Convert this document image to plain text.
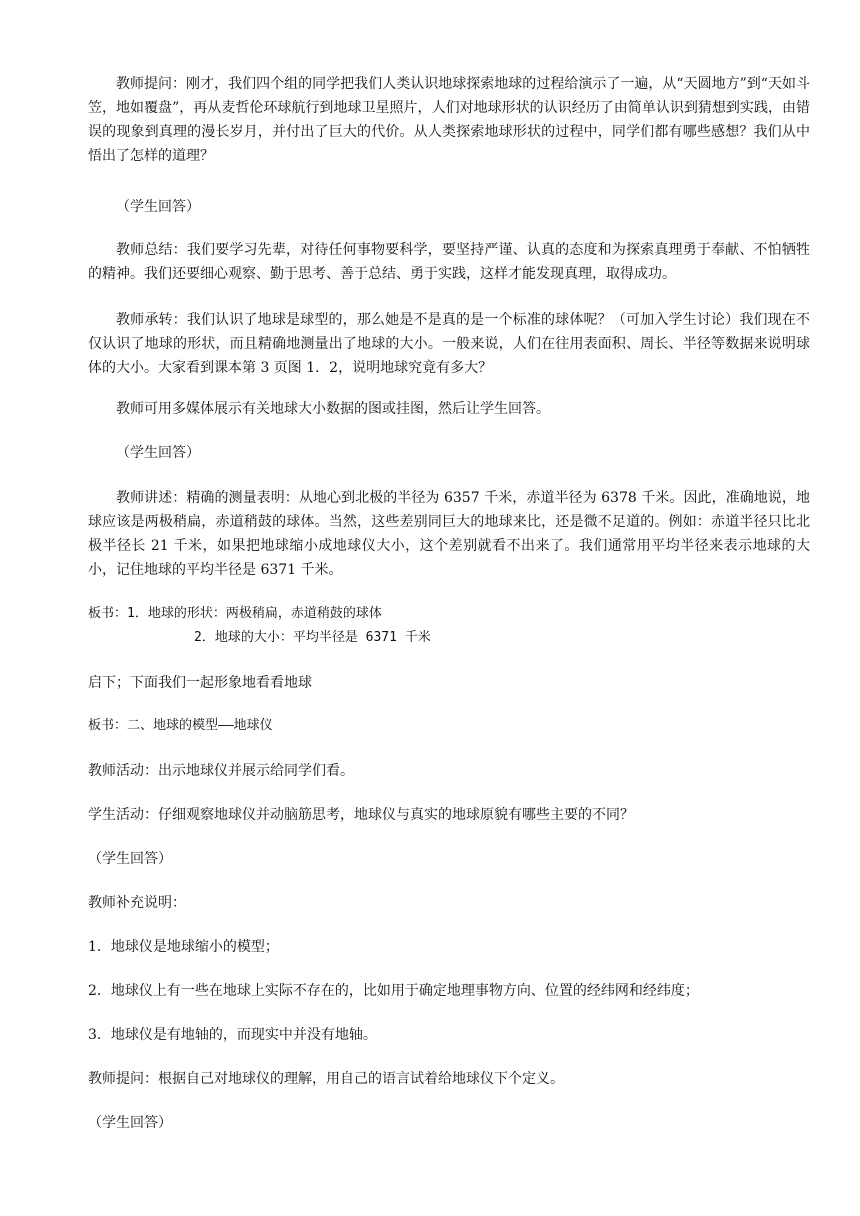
教师提问：刚才，我们四个组的同学把我们人类认识地球探索地球的过程给演示了一遍，从“天圆地方”到“天如斗笠，地如覆盘”，再从麦哲伦环球航行到地球卫星照片，人们对地球形状的认识经历了由简单认识到猜想到实践，由错误的现象到真理的漫长岁月，并付出了巨大的代价。从人类探索地球形状的过程中，同学们都有哪些感想？我们从中悟出了怎样的道理？

（学生回答）

教师总结：我们要学习先辈，对待任何事物要科学，要坚持严谨、认真的态度和为探索真理勇于奉献、不怕牺牲的精神。我们还要细心观察、勤于思考、善于总结、勇于实践，这样才能发现真理，取得成功。

教师承转：我们认识了地球是球型的，那么她是不是真的是一个标准的球体呢？（可加入学生讨论）我们现在不仅认识了地球的形状，而且精确地测量出了地球的大小。一般来说，人们在往用表面积、周长、半径等数据来说明球体的大小。大家看到课本第 3 页图 1．2，说明地球究竟有多大？

教师可用多媒体展示有关地球大小数据的图或挂图，然后让学生回答。

（学生回答）

教师讲述：精确的测量表明：从地心到北极的半径为 6357 千米，赤道半径为 6378 千米。因此，准确地说，地球应该是两极稍扁，赤道稍鼓的球体。当然，这些差别同巨大的地球来比，还是微不足道的。例如：赤道半径只比北极半径长 21 千米，如果把地球缩小成地球仪大小，这个差别就看不出来了。我们通常用平均半径来表示地球的大小，记住地球的平均半径是 6371 千米。

板书：1．地球的形状：两极稍扁，赤道稍鼓的球体
2．地球的大小：平均半径是 6371 千米

启下；下面我们一起形象地看看地球

板书：二、地球的模型——地球仪

教师活动：出示地球仪并展示给同学们看。

学生活动：仔细观察地球仪并动脑筋思考，地球仪与真实的地球原貌有哪些主要的不同？

（学生回答）

教师补充说明：

1．地球仪是地球缩小的模型；

2．地球仪上有一些在地球上实际不存在的，比如用于确定地理事物方向、位置的经纬网和经纬度；

3．地球仪是有地轴的，而现实中并没有地轴。

教师提问：根据自己对地球仪的理解，用自己的语言试着给地球仪下个定义。

（学生回答）
